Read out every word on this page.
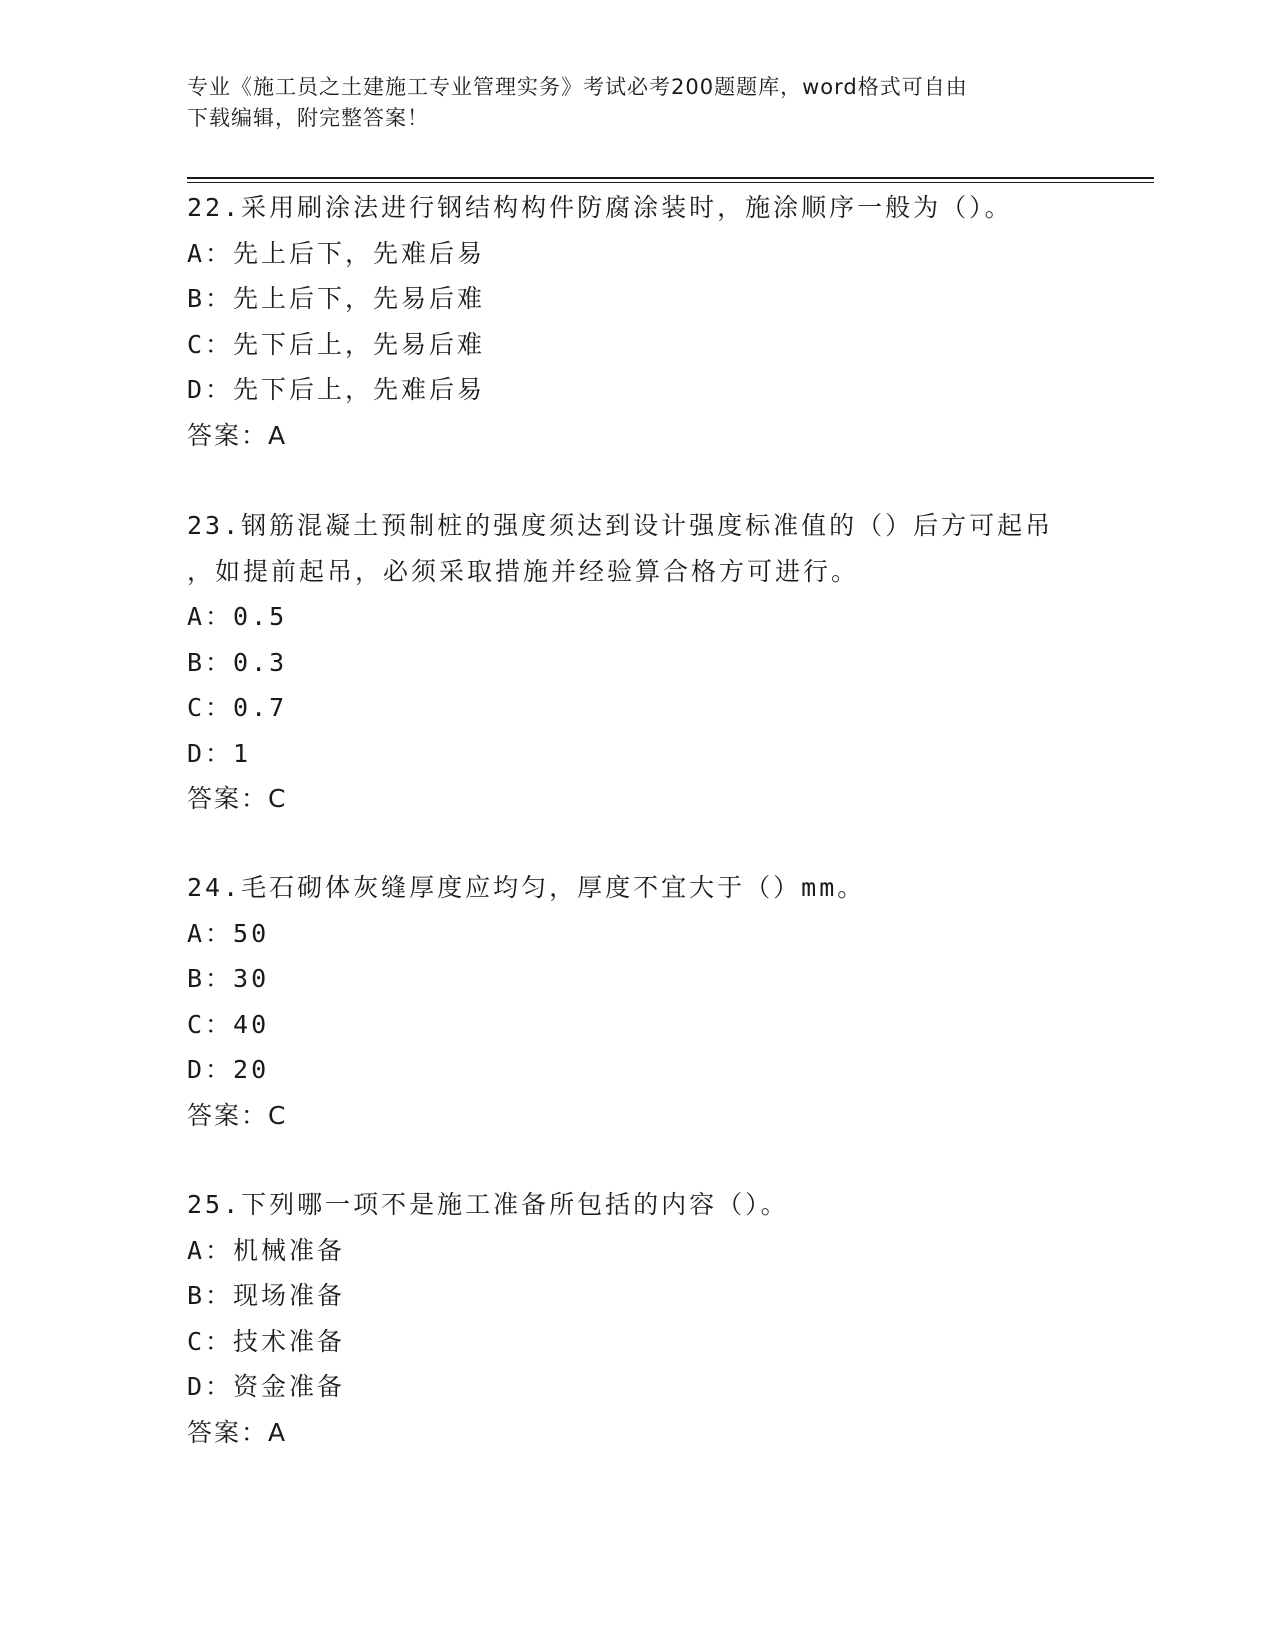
专业《施工员之土建施工专业管理实务》考试必考200题题库，word格式可自由

下载编辑，附完整答案！

22.采用刷涂法进行钢结构构件防腐涂装时，施涂顺序一般为（）。
A：先上后下，先难后易
B：先上后下，先易后难
C：先下后上，先易后难
D：先下后上，先难后易
答案：A
23.钢筋混凝土预制桩的强度须达到设计强度标准值的（）后方可起吊
，如提前起吊，必须采取措施并经验算合格方可进行。
A：0.5
B：0.3
C：0.7
D：1
答案：C
24.毛石砌体灰缝厚度应均匀，厚度不宜大于（）mm。
A：50
B：30
C：40
D：20
答案：C
25.下列哪一项不是施工准备所包括的内容（）。
A：机械准备
B：现场准备
C：技术准备
D：资金准备
答案：A
